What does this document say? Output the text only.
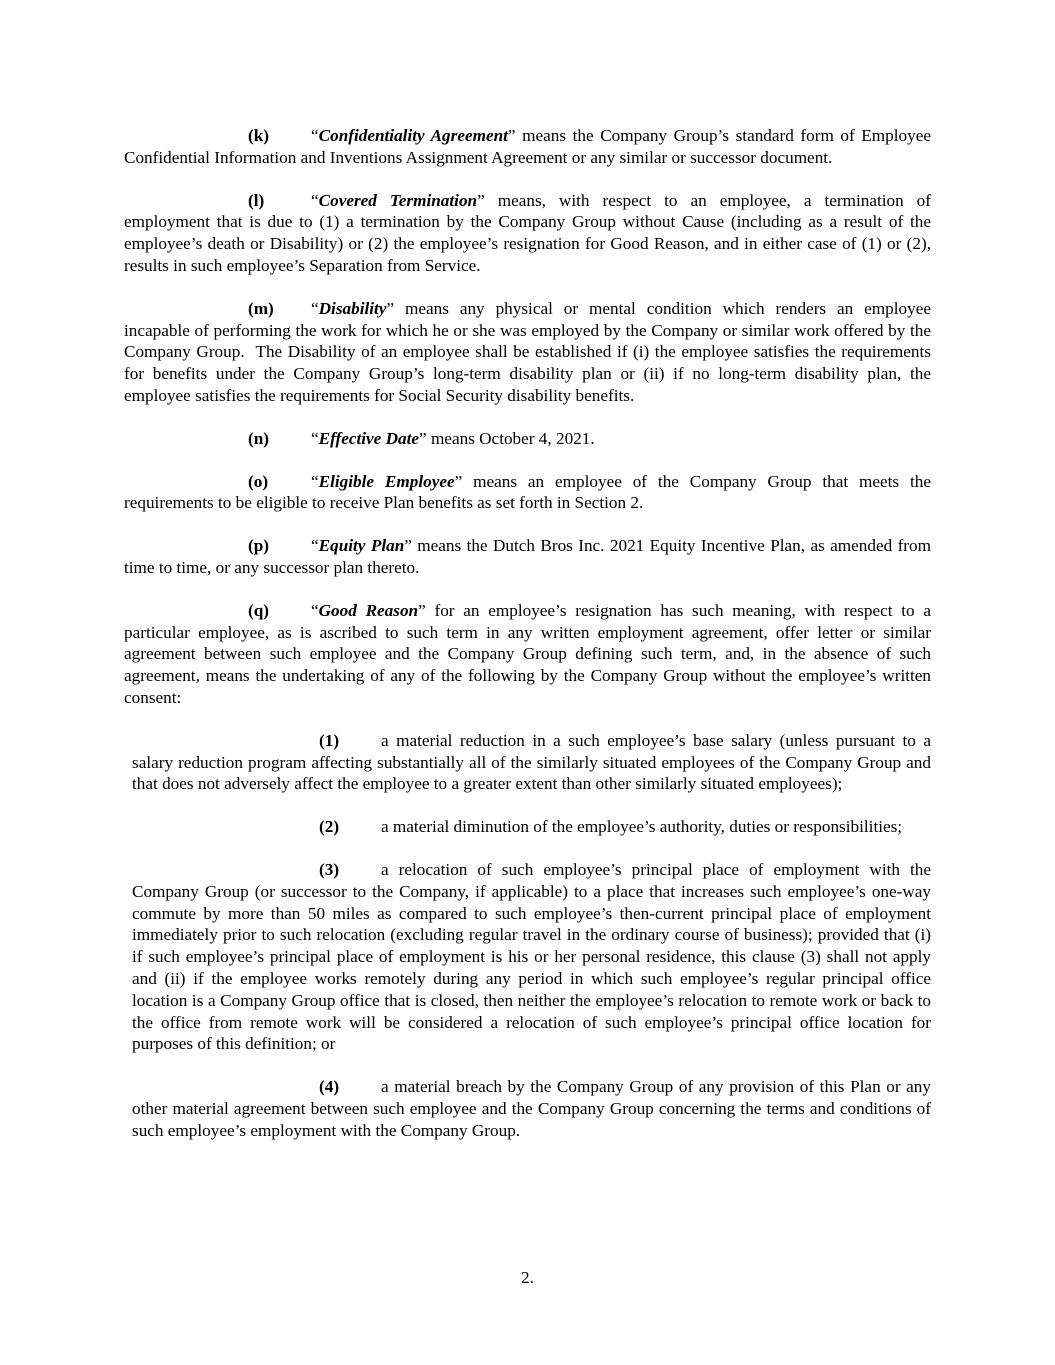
(k) “Confidentiality Agreement” means the Company Group’s standard form of Employee Confidential Information and Inventions Assignment Agreement or any similar or successor document.

(l)	“Covered Termination” means, with respect to an employee, a termination of employment that is due to (1) a termination by the Company Group without Cause (including as a result of the employee’s death or Disability) or (2) the employee’s resignation for Good Reason, and in either case of (1) or (2), results in such employee’s Separation from Service.

(m) “Disability” means any physical or mental condition which renders an employee incapable of performing the work for which he or she was employed by the Company or similar work offered by the Company Group.  The Disability of an employee shall be established if (i) the employee satisfies the requirements for benefits under the Company Group’s long-term disability plan or (ii) if no long-term disability plan, the employee satisfies the requirements for Social Security disability benefits.

(n) “Effective Date” means October 4, 2021.

(o) “Eligible Employee” means an employee of the Company Group that meets the requirements to be eligible to receive Plan benefits as set forth in Section 2.

(p) “Equity Plan” means the Dutch Bros Inc. 2021 Equity Incentive Plan, as amended from time to time, or any successor plan thereto.

(q) “Good Reason” for an employee’s resignation has such meaning, with respect to a particular employee, as is ascribed to such term in any written employment agreement, offer letter or similar agreement between such employee and the Company Group defining such term, and, in the absence of such agreement, means the undertaking of any of the following by the Company Group without the employee’s written consent:

(1) a material reduction in a such employee’s base salary (unless pursuant to a salary reduction program affecting substantially all of the similarly situated employees of the Company Group and that does not adversely affect the employee to a greater extent than other similarly situated employees);

(2) a material diminution of the employee’s authority, duties or responsibilities;

(3) a relocation of such employee’s principal place of employment with the Company Group (or successor to the Company, if applicable) to a place that increases such employee’s one-way commute by more than 50 miles as compared to such employee’s then-current principal place of employment immediately prior to such relocation (excluding regular travel in the ordinary course of business); provided that (i) if such employee’s principal place of employment is his or her personal residence, this clause (3) shall not apply and (ii) if the employee works remotely during any period in which such employee’s regular principal office location is a Company Group office that is closed, then neither the employee’s relocation to remote work or back to the office from remote work will be considered a relocation of such employee’s principal office location for purposes of this definition; or

(4) a material breach by the Company Group of any provision of this Plan or any other material agreement between such employee and the Company Group concerning the terms and conditions of such employee’s employment with the Company Group.

2.
